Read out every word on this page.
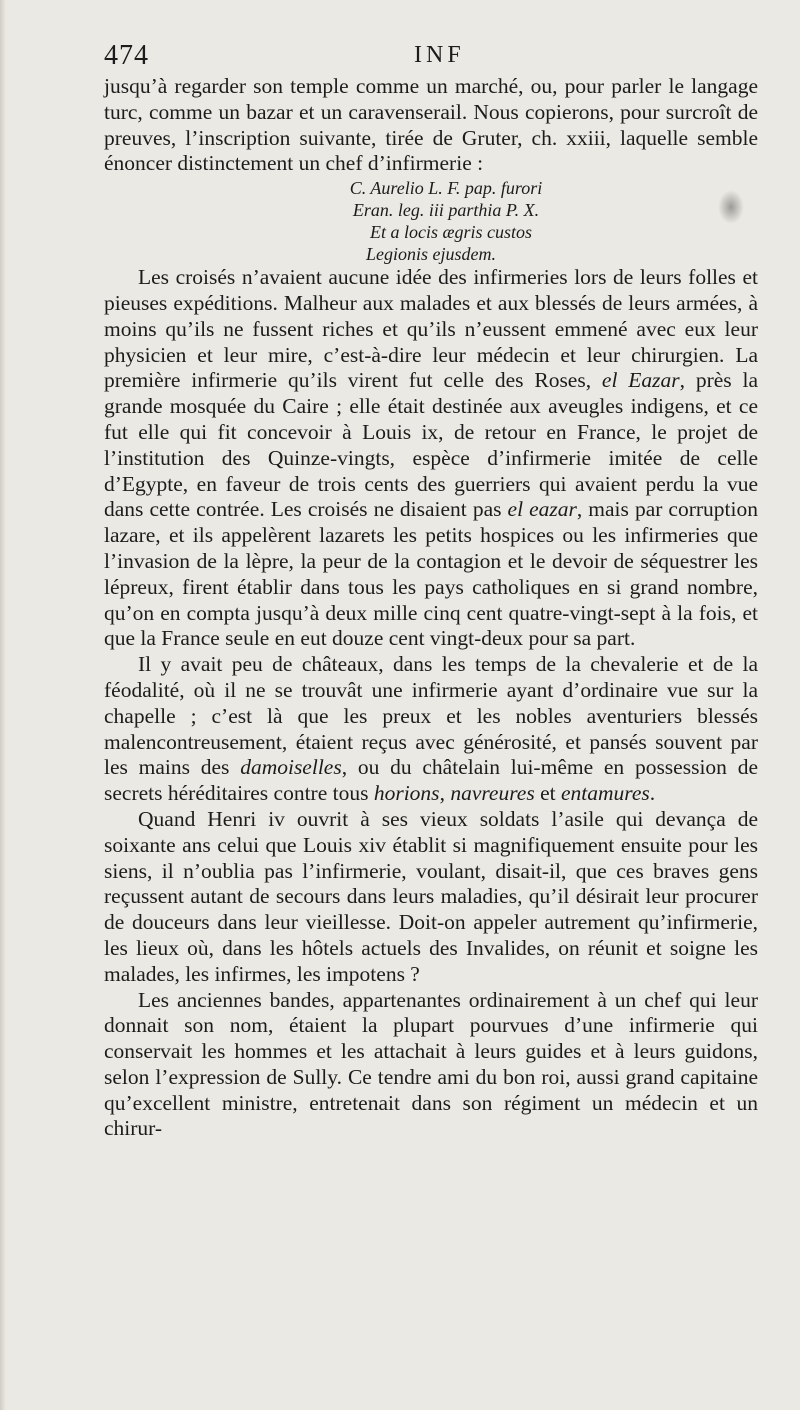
474	INF

jusqu’à regarder son temple comme un marché, ou, pour parler le langage turc, comme un bazar et un caravenserail. Nous copierons, pour surcroît de preuves, l’inscription suivante, tirée de Gruter, ch. xxiii, laquelle semble énoncer distinctement un chef d’infirmerie :

C. Aurelio L. F. pap. furori
Eran. leg. iii parthia P. X.
Et a locis ægris custos
Legionis ejusdem.

Les croisés n’avaient aucune idée des infirmeries lors de leurs folles et pieuses expéditions. Malheur aux malades et aux blessés de leurs armées, à moins qu’ils ne fussent riches et qu’ils n’eussent emmené avec eux leur physicien et leur mire, c’est-à-dire leur médecin et leur chirurgien. La première infirmerie qu’ils virent fut celle des Roses, el Eazar, près la grande mosquée du Caire ; elle était destinée aux aveugles indigens, et ce fut elle qui fit concevoir à Louis ix, de retour en France, le projet de l’institution des Quinze-vingts, espèce d’infirmerie imitée de celle d’Egypte, en faveur de trois cents des guerriers qui avaient perdu la vue dans cette contrée. Les croisés ne disaient pas el eazar, mais par corruption lazare, et ils appelèrent lazarets les petits hospices ou les infirmeries que l’invasion de la lèpre, la peur de la contagion et le devoir de séquestrer les lépreux, firent établir dans tous les pays catholiques en si grand nombre, qu’on en compta jusqu’à deux mille cinq cent quatre-vingt-sept à la fois, et que la France seule en eut douze cent vingt-deux pour sa part.

Il y avait peu de châteaux, dans les temps de la chevalerie et de la féodalité, où il ne se trouvât une infirmerie ayant d’ordinaire vue sur la chapelle ; c’est là que les preux et les nobles aventuriers blessés malencontreusement, étaient reçus avec générosité, et pansés souvent par les mains des damoiselles, ou du châtelain lui-même en possession de secrets héréditaires contre tous horions, navreures et entamures.

Quand Henri iv ouvrit à ses vieux soldats l’asile qui devança de soixante ans celui que Louis xiv établit si magnifiquement ensuite pour les siens, il n’oublia pas l’infirmerie, voulant, disait-il, que ces braves gens reçussent autant de secours dans leurs maladies, qu’il désirait leur procurer de douceurs dans leur vieillesse. Doit-on appeler autrement qu’infirmerie, les lieux où, dans les hôtels actuels des Invalides, on réunit et soigne les malades, les infirmes, les impotens ?

Les anciennes bandes, appartenantes ordinairement à un chef qui leur donnait son nom, étaient la plupart pourvues d’une infirmerie qui conservait les hommes et les attachait à leurs guides et à leurs guidons, selon l’expression de Sully. Ce tendre ami du bon roi, aussi grand capitaine qu’excellent ministre, entretenait dans son régiment un médecin et un chirur-
